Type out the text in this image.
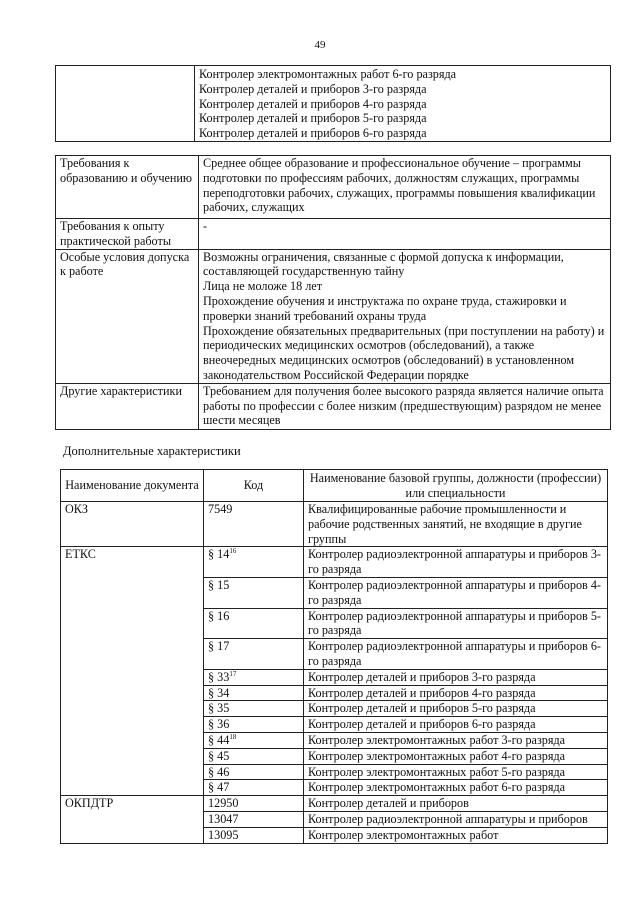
49

Контролер электромонтажных работ 6-го разряда
Контролер деталей и приборов 3-го разряда
Контролер деталей и приборов 4-го разряда
Контролер деталей и приборов 5-го разряда
Контролер деталей и приборов 6-го разряда
Требования к образованию и обучению	Среднее общее образование и профессиональное обучение – программы подготовки по профессиям рабочих, должностям служащих, программы переподготовки рабочих, служащих, программы повышения квалификации рабочих, служащих
Требования к опыту практической работы	-
Особые условия допуска к работе	Возможны ограничения, связанные с формой допуска к информации, составляющей государственную тайну
Лица не моложе 18 лет
Прохождение обучения и инструктажа по охране труда, стажировки и проверки знаний требований охраны труда
Прохождение обязательных предварительных (при поступлении на работу) и периодических медицинских осмотров (обследований), а также внеочередных медицинских осмотров (обследований) в установленном законодательством Российской Федерации порядке

Другие характеристики	Требованием для получения более высокого разряда является наличие опыта работы по профессии с более низким (предшествующим) разрядом не менее шести месяцев
Дополнительные характеристики
Наименование документа	Код	Наименование базовой группы, должности (профессии) или специальности
ОКЗ	7549	Квалифицированные рабочие промышленности и рабочие родственных занятий, не входящие в другие группы
ЕТКС	§ $14^{16}$	Контролер радиоэлектронной аппаратуры и приборов 3-го разряда
	§ 15	Контролер радиоэлектронной аппаратуры и приборов 4-го разряда
	§ 16	Контролер радиоэлектронной аппаратуры и приборов 5-го разряда
	§ 17	Контролер радиоэлектронной аппаратуры и приборов 6-го разряда
	§ $33^{17}$	Контролер деталей и приборов 3-го разряда
	§ 34	Контролер деталей и приборов 4-го разряда
	§ 35	Контролер деталей и приборов 5-го разряда
	§ 36	Контролер деталей и приборов 6-го разряда
	§ $44^{18}$	Контролер электромонтажных работ 3-го разряда
	§ 45	Контролер электромонтажных работ 4-го разряда
	§ 46	Контролер электромонтажных работ 5-го разряда
	§ 47	Контролер электромонтажных работ 6-го разряда
ОКПДТР	12950	Контролер деталей и приборов
	13047	Контролер радиоэлектронной аппаратуры и приборов
	13095	Контролер электромонтажных работ
